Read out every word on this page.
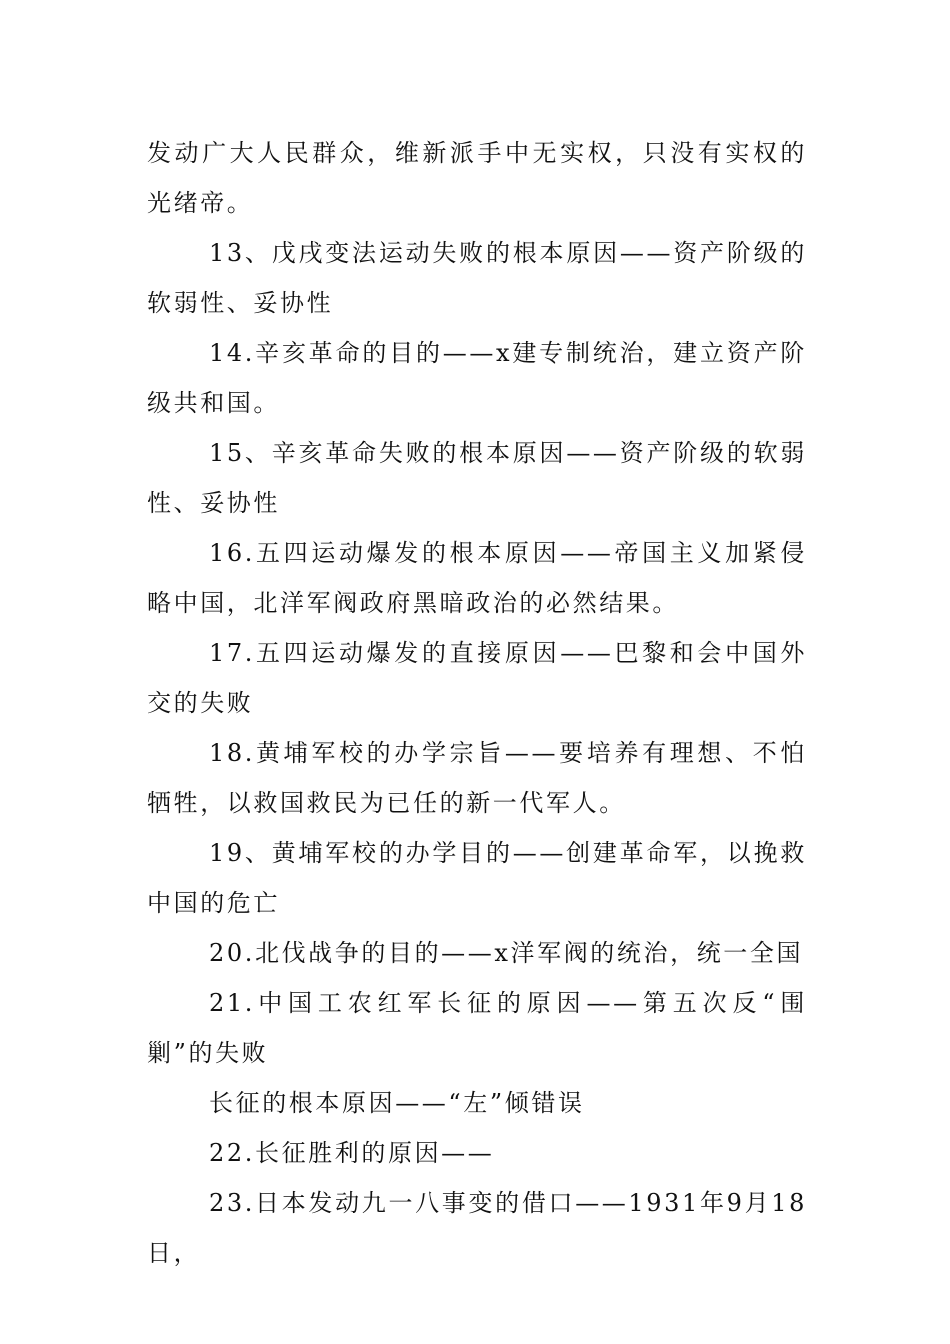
发动广大人民群众，维新派手中无实权，只没有实权的光绪帝。

13、戊戌变法运动失败的根本原因——资产阶级的软弱性、妥协性

14.辛亥革命的目的——x建专制统治，建立资产阶级共和国。

15、辛亥革命失败的根本原因——资产阶级的软弱性、妥协性

16.五四运动爆发的根本原因——帝国主义加紧侵略中国，北洋军阀政府黑暗政治的必然结果。

17.五四运动爆发的直接原因——巴黎和会中国外交的失败

18.黄埔军校的办学宗旨——要培养有理想、不怕牺牲，以救国救民为已任的新一代军人。

19、黄埔军校的办学目的——创建革命军，以挽救中国的危亡

20.北伐战争的目的——x洋军阀的统治，统一全国

21.中国工农红军长征的原因——第五次反“围剿”的失败

长征的根本原因——“左”倾错误

22.长征胜利的原因——

23.日本发动九一八事变的借口——1931年9月18日，
